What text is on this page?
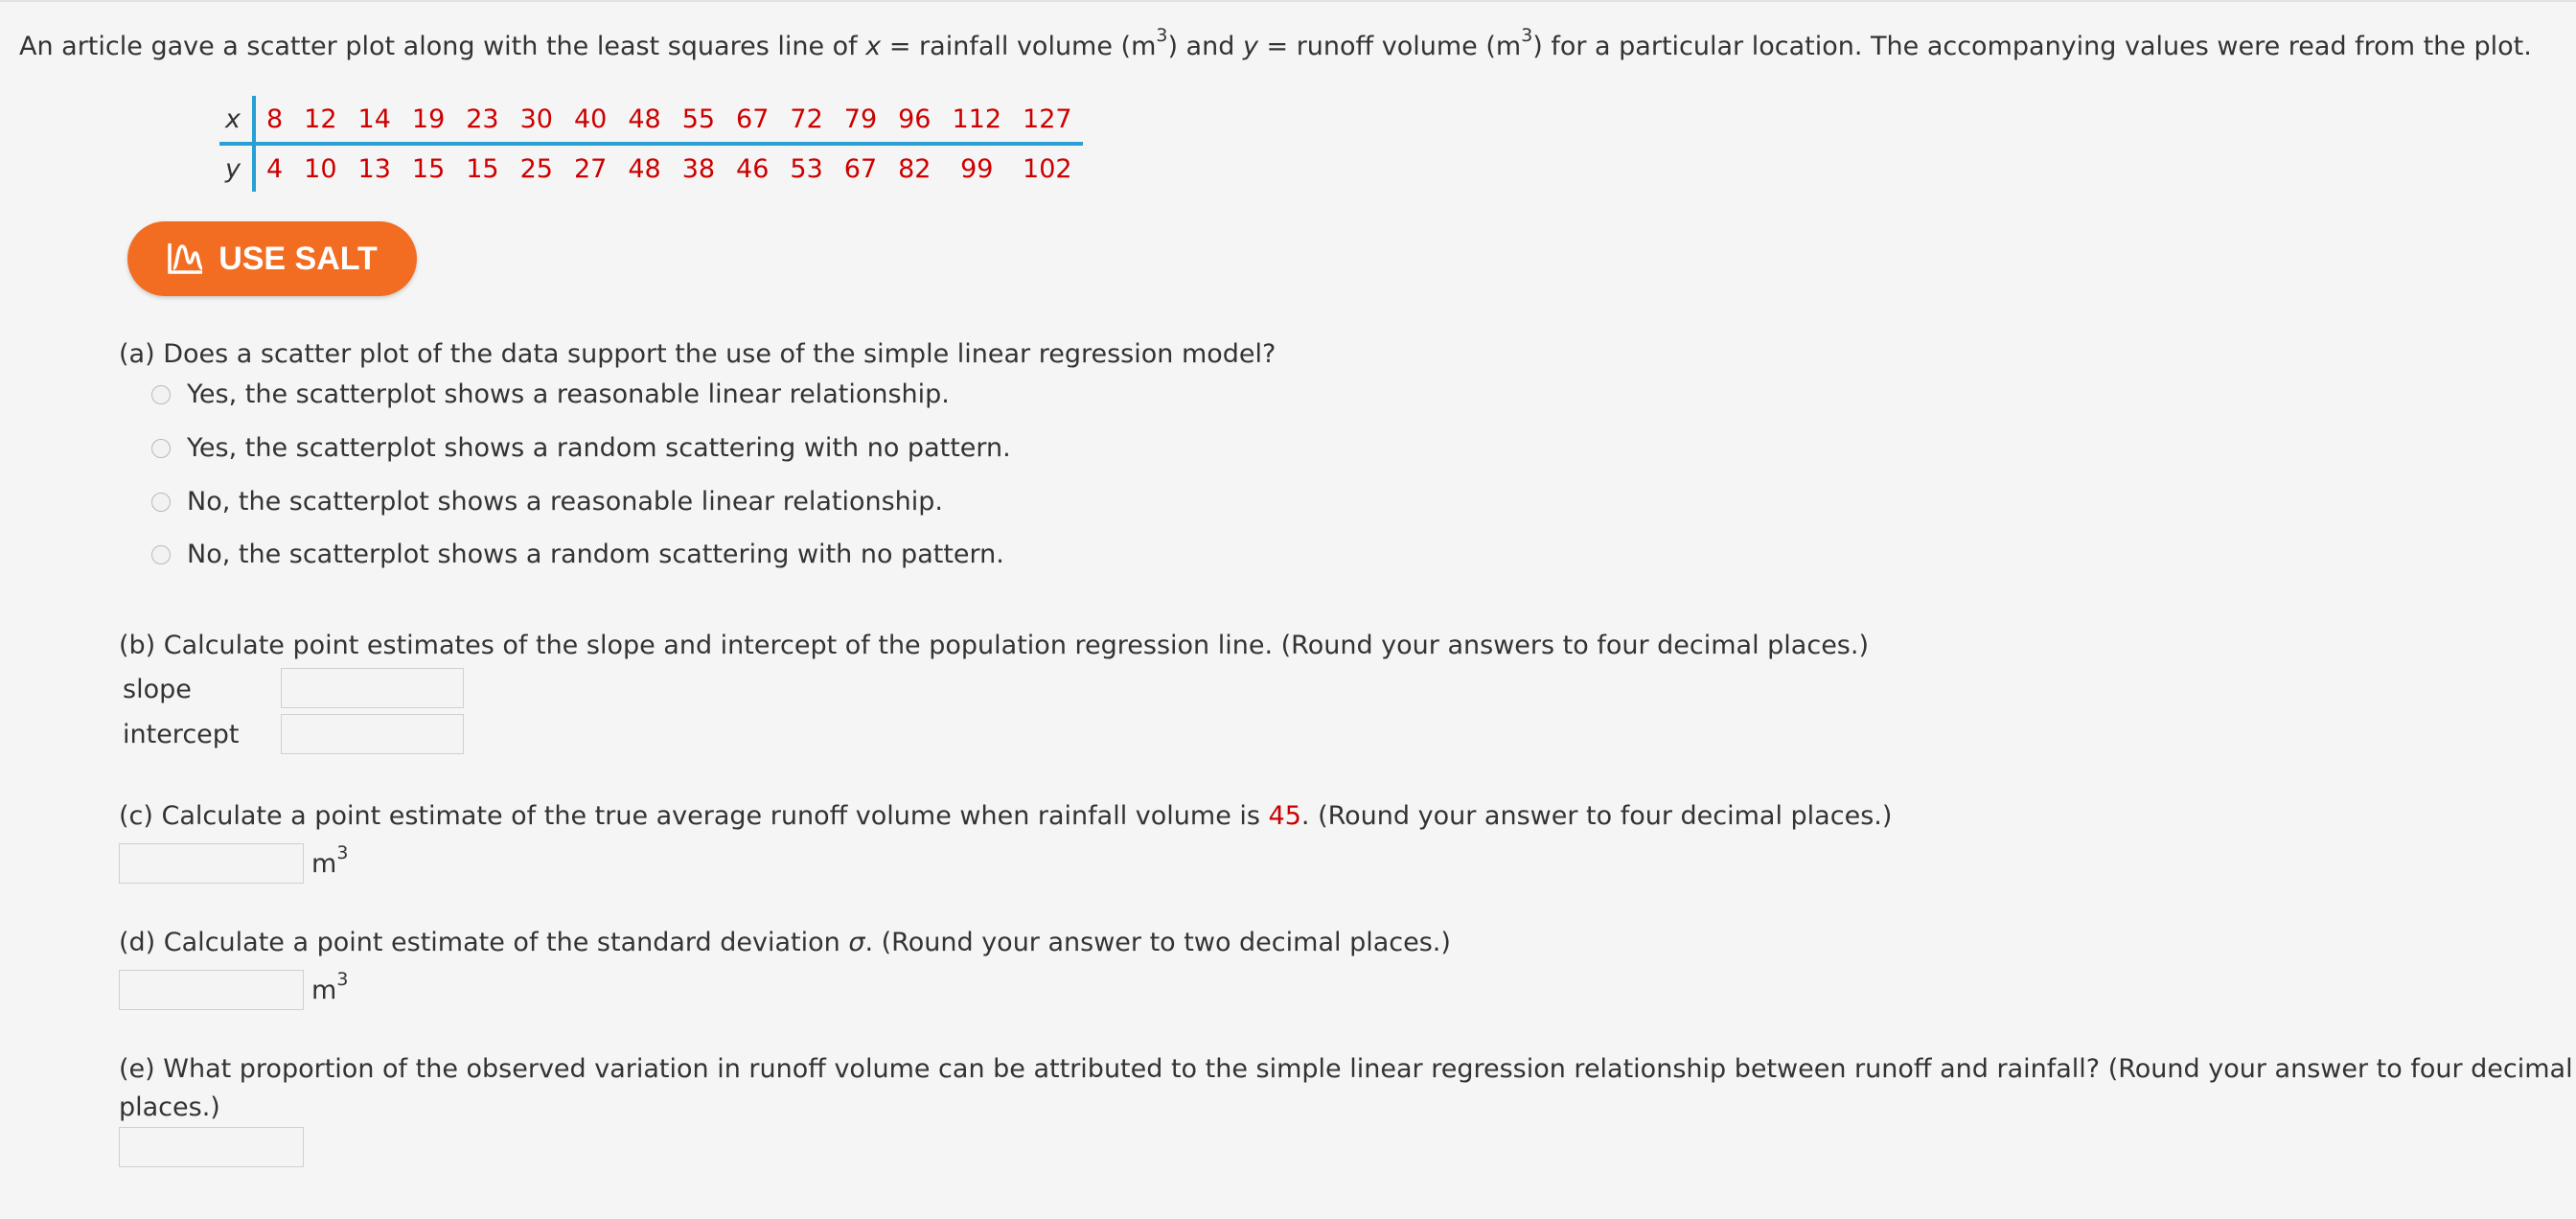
An article gave a scatter plot along with the least squares line of x = rainfall volume $(m^3)$ and y = runoff volume $(m^3)$ for a particular location. The accompanying values were read from the plot.
x	8	12	14	19	23	30	40	48	55	67	72	79	96	112	127
y	4	10	13	15	15	25	27	48	38	46	53	67	82	99	102
USE SALT
(a) Does a scatter plot of the data support the use of the simple linear regression model?
Yes, the scatterplot shows a reasonable linear relationship.
Yes, the scatterplot shows a random scattering with no pattern.
No, the scatterplot shows a reasonable linear relationship.
No, the scatterplot shows a random scattering with no pattern.
(b) Calculate point estimates of the slope and intercept of the population regression line. (Round your answers to four decimal places.)
slope
intercept
(c) Calculate a point estimate of the true average runoff volume when rainfall volume is 45. (Round your answer to four decimal places.)
$m^3$
(d) Calculate a point estimate of the standard deviation σ. (Round your answer to two decimal places.)
$m^3$
(e) What proportion of the observed variation in runoff volume can be attributed to the simple linear regression relationship between runoff and rainfall? (Round your answer to four decimal
places.)
